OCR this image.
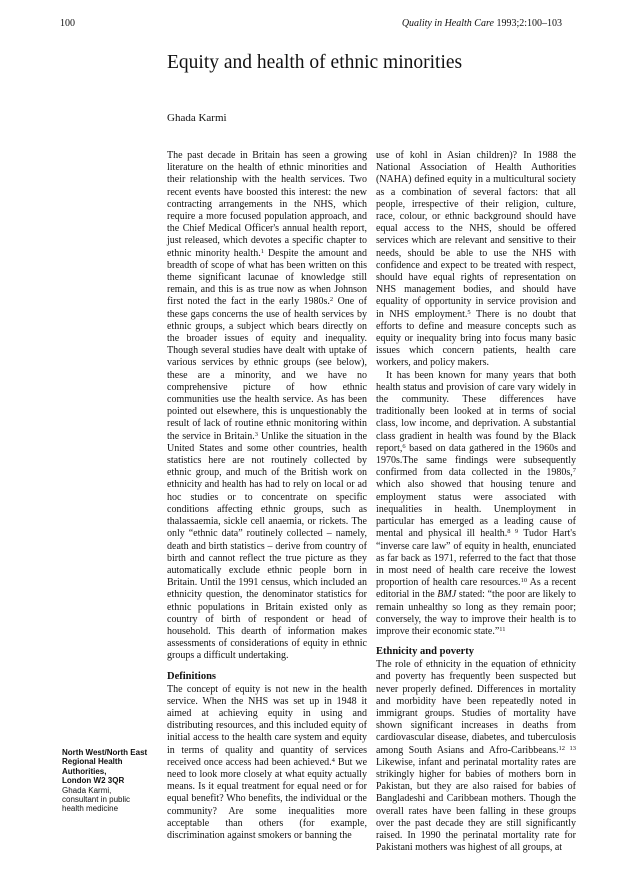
100	Quality in Health Care 1993;2:100–103
Equity and health of ethnic minorities
Ghada Karmi

The past decade in Britain has seen a growing literature on the health of ethnic minorities and their relationship with the health services. Two recent events have boosted this interest: the new contracting arrangements in the NHS, which require a more focused population approach, and the Chief Medical Officer's annual health report, just released, which devotes a specific chapter to ethnic minority health.$^1$ Despite the amount and breadth of scope of what has been written on this theme significant lacunae of knowledge still remain, and this is as true now as when Johnson first noted the fact in the early 1980s.$^2$ One of these gaps concerns the use of health services by ethnic groups, a subject which bears directly on the broader issues of equity and inequality. Though several studies have dealt with uptake of various services by ethnic groups (see below), these are a minority, and we have no comprehensive picture of how ethnic communities use the health service. As has been pointed out elsewhere, this is unquestionably the result of lack of routine ethnic monitoring within the service in Britain.$^3$ Unlike the situation in the United States and some other countries, health statistics here are not routinely collected by ethnic group, and much of the British work on ethnicity and health has had to rely on local or ad hoc studies or to concentrate on specific conditions affecting ethnic groups, such as thalassaemia, sickle cell anaemia, or rickets. The only “ethnic data” routinely collected – namely, death and birth statistics – derive from country of birth and cannot reflect the true picture as they automatically exclude ethnic people born in Britain. Until the 1991 census, which included an ethnicity question, the denominator statistics for ethnic populations in Britain existed only as country of birth of respondent or head of household. This dearth of information makes assessments of considerations of equity in ethnic groups a difficult undertaking.

Definitions

The concept of equity is not new in the health service. When the NHS was set up in 1948 it aimed at achieving equity in using and distributing resources, and this included equity of initial access to the health care system and equity in terms of quality and quantity of services received once access had been achieved.$^4$ But we need to look more closely at what equity actually means. Is it equal treatment for equal need or for equal benefit? Who benefits, the individual or the community? Are some inequalities more acceptable than others (for example, discrimination against smokers or banning the

use of kohl in Asian children)? In 1988 the National Association of Health Authorities (NAHA) defined equity in a multicultural society as a combination of several factors: that all people, irrespective of their religion, culture, race, colour, or ethnic background should have equal access to the NHS, should be offered services which are relevant and sensitive to their needs, should be able to use the NHS with confidence and expect to be treated with respect, should have equal rights of representation on NHS management bodies, and should have equality of opportunity in service provision and in NHS employment.$^5$ There is no doubt that efforts to define and measure concepts such as equity or inequality bring into focus many basic issues which concern patients, health care workers, and policy makers.

It has been known for many years that both health status and provision of care vary widely in the community. These differences have traditionally been looked at in terms of social class, low income, and deprivation. A substantial class gradient in health was found by the Black report,$^6$ based on data gathered in the 1960s and 1970s.The same findings were subsequently confirmed from data collected in the 1980s,$^7$ which also showed that housing tenure and employment status were associated with inequalities in health. Unemployment in particular has emerged as a leading cause of mental and physical ill health.$^{8 9}$ Tudor Hart's “inverse care law” of equity in health, enunciated as far back as 1971, referred to the fact that those in most need of health care receive the lowest proportion of health care resources.$^{10}$ As a recent editorial in the BMJ stated: “the poor are likely to remain unhealthy so long as they remain poor; conversely, the way to improve their health is to improve their economic state.”$^{11}$

Ethnicity and poverty

The role of ethnicity in the equation of ethnicity and poverty has frequently been suspected but never properly defined. Differences in mortality and morbidity have been repeatedly noted in immigrant groups. Studies of mortality have shown significant increases in deaths from cardiovascular disease, diabetes, and tuberculosis among South Asians and Afro-Caribbeans.$^{12 13}$ Likewise, infant and perinatal mortality rates are strikingly higher for babies of mothers born in Pakistan, but they are also raised for babies of Bangladeshi and Caribbean mothers. Though the overall rates have been falling in these groups over the past decade they are still significantly raised. In 1990 the perinatal mortality rate for Pakistani mothers was highest of all groups, at

North West/North East
Regional Health
Authorities,
London W2 3QR
Ghada Karmi,
consultant in public
health medicine
